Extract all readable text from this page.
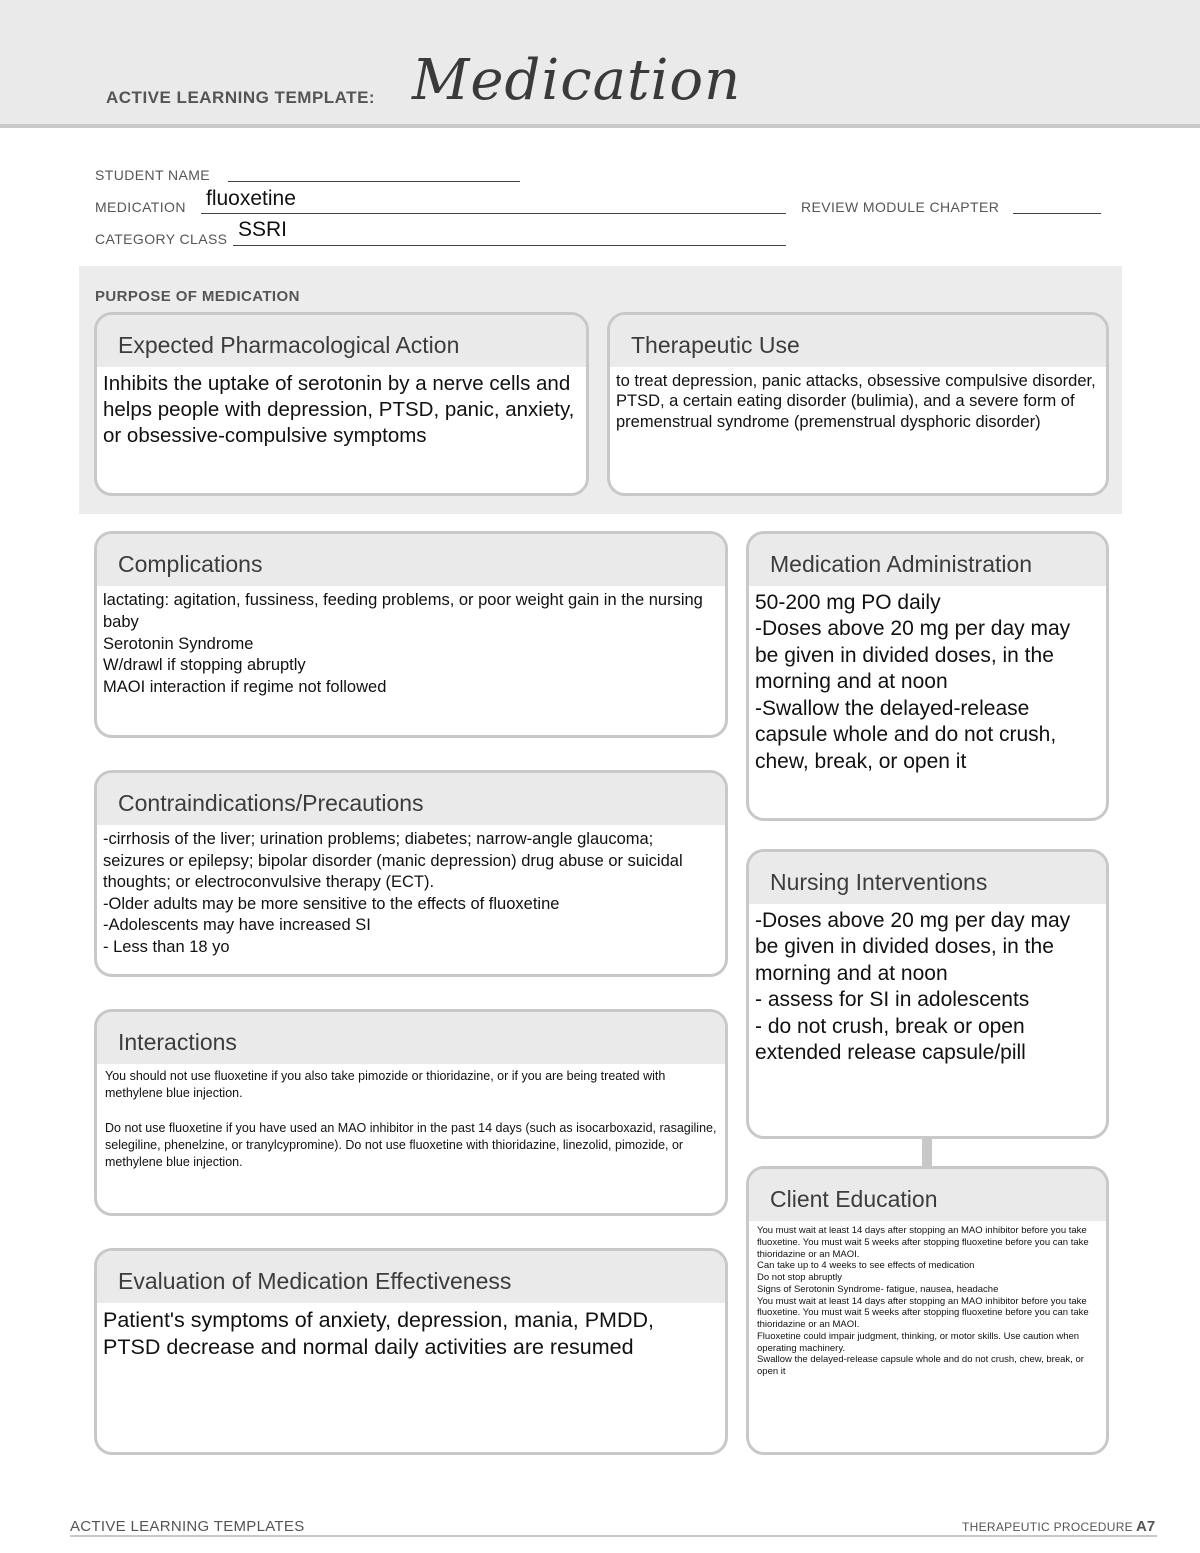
ACTIVE LEARNING TEMPLATE: Medication
STUDENT NAME
MEDICATION fluoxetine	REVIEW MODULE CHAPTER
CATEGORY CLASS SSRI
PURPOSE OF MEDICATION
Expected Pharmacological Action
Inhibits the uptake of serotonin by a nerve cells and helps people with depression, PTSD, panic, anxiety, or obsessive-compulsive symptoms
Therapeutic Use
to treat depression, panic attacks, obsessive compulsive disorder, PTSD, a certain eating disorder (bulimia), and a severe form of premenstrual syndrome (premenstrual dysphoric disorder)
Complications
lactating: agitation, fussiness, feeding problems, or poor weight gain in the nursing baby
Serotonin Syndrome
W/drawl if stopping abruptly
MAOI interaction if regime not followed
Contraindications/Precautions
-cirrhosis of the liver; urination problems; diabetes; narrow-angle glaucoma; seizures or epilepsy; bipolar disorder (manic depression) drug abuse or suicidal thoughts; or electroconvulsive therapy (ECT).
-Older adults may be more sensitive to the effects of fluoxetine
-Adolescents may have increased SI
- Less than 18 yo
Interactions
You should not use fluoxetine if you also take pimozide or thioridazine, or if you are being treated with methylene blue injection.

Do not use fluoxetine if you have used an MAO inhibitor in the past 14 days (such as isocarboxazid, rasagiline, selegiline, phenelzine, or tranylcypromine). Do not use fluoxetine with thioridazine, linezolid, pimozide, or methylene blue injection.
Evaluation of Medication Effectiveness
Patient's symptoms of anxiety, depression, mania, PMDD, PTSD decrease and normal daily activities are resumed
Medication Administration
50-200 mg PO daily
-Doses above 20 mg per day may be given in divided doses, in the morning and at noon
-Swallow the delayed-release capsule whole and do not crush, chew, break, or open it
Nursing Interventions
-Doses above 20 mg per day may be given in divided doses, in the morning and at noon
- assess for SI in adolescents
- do not crush, break or open extended release capsule/pill
Client Education
You must wait at least 14 days after stopping an MAO inhibitor before you take fluoxetine. You must wait 5 weeks after stopping fluoxetine before you can take thioridazine or an MAOI.
Can take up to 4 weeks to see effects of medication
Do not stop abruptly
Signs of Serotonin Syndrome- fatigue, nausea, headache
You must wait at least 14 days after stopping an MAO inhibitor before you take fluoxetine. You must wait 5 weeks after stopping fluoxetine before you can take thioridazine or an MAOI.
Fluoxetine could impair judgment, thinking, or motor skills. Use caution when operating machinery.
Swallow the delayed-release capsule whole and do not crush, chew, break, or open it
ACTIVE LEARNING TEMPLATES	THERAPEUTIC PROCEDURE A7
